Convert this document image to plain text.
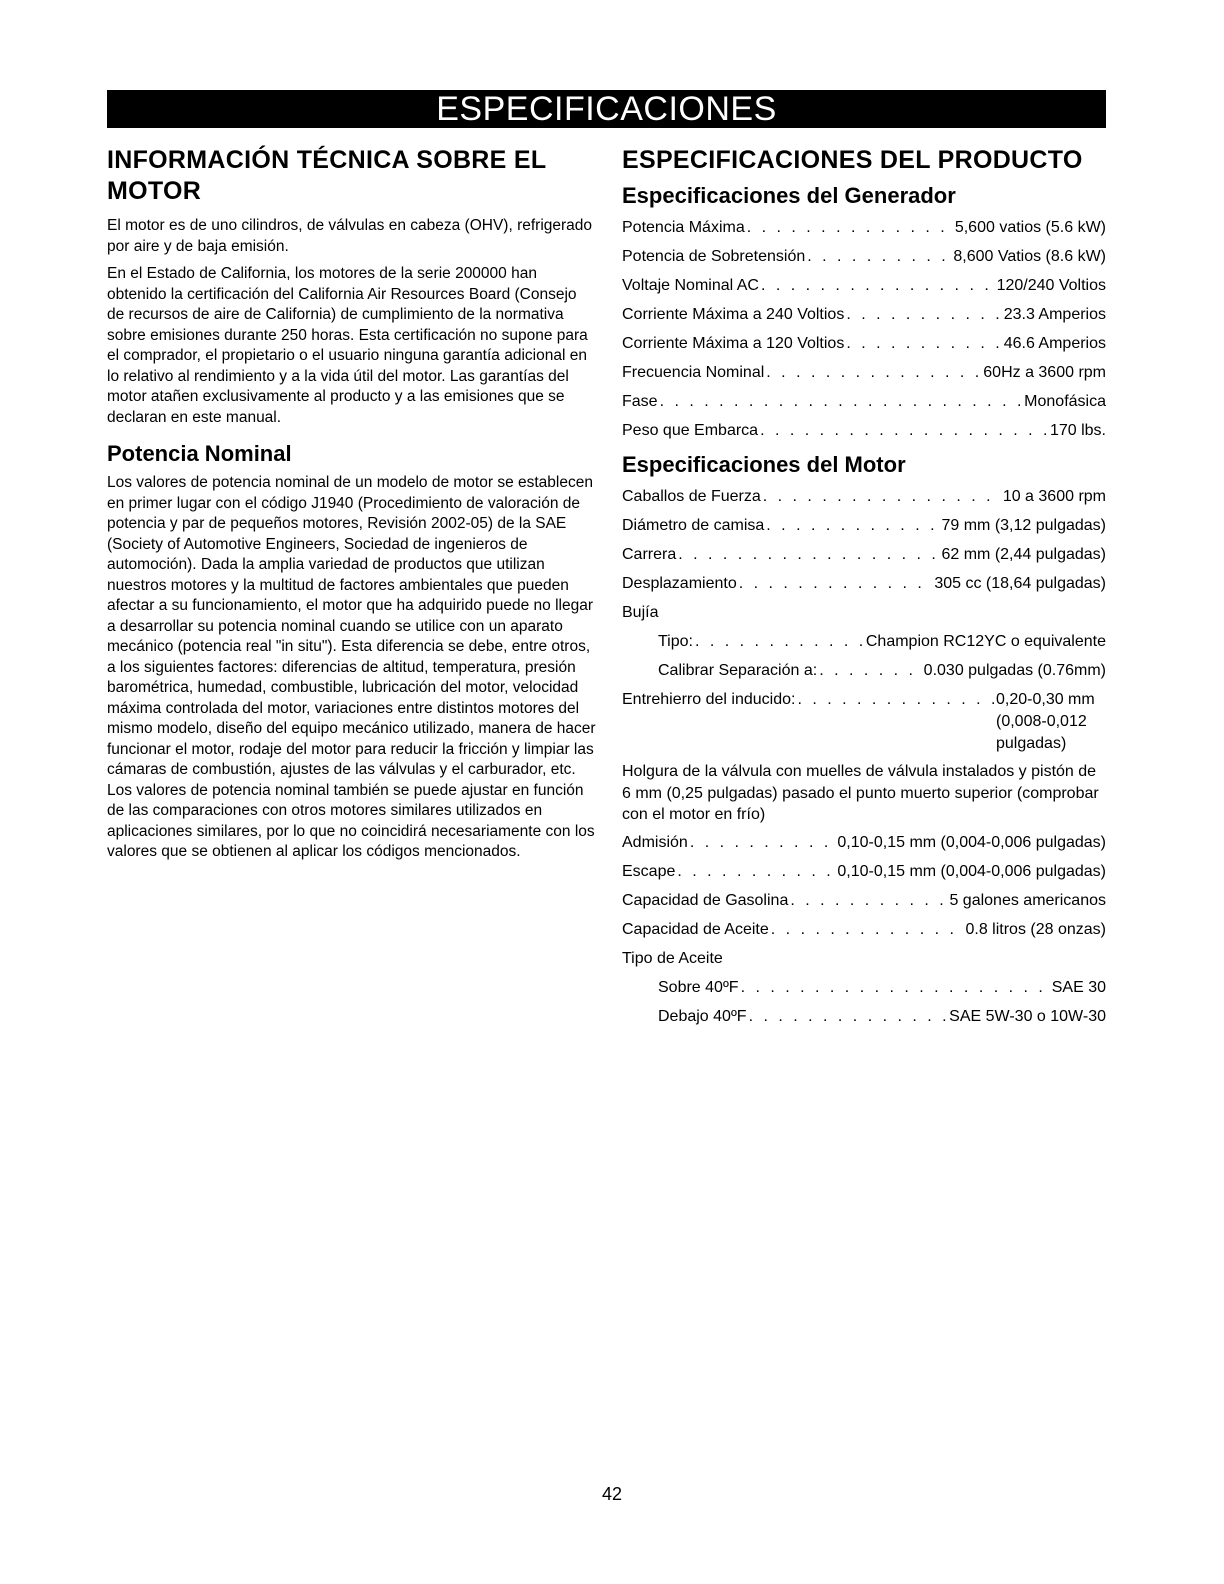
ESPECIFICACIONES
INFORMACIÓN TÉCNICA SOBRE EL MOTOR

El motor es de uno cilindros, de válvulas en cabeza (OHV), refrigerado por aire y de baja emisión.

En el Estado de California, los motores de la serie 200000 han obtenido la certificación del California Air Resources Board (Consejo de recursos de aire de California) de cumplimiento de la normativa sobre emisiones durante 250 horas. Esta certificación no supone para el comprador, el propietario o el usuario ninguna garantía adicional en lo relativo al rendimiento y a la vida útil del motor. Las garantías del motor atañen exclusivamente al producto y a las emisiones que se declaran en este manual.

Potencia Nominal

Los valores de potencia nominal de un modelo de motor se establecen en primer lugar con el código J1940 (Procedimiento de valoración de potencia y par de pequeños motores, Revisión 2002-05) de la SAE (Society of Automotive Engineers, Sociedad de ingenieros de automoción). Dada la amplia variedad de productos que utilizan nuestros motores y la multitud de factores ambientales que pueden afectar a su funcionamiento, el motor que ha adquirido puede no llegar a desarrollar su potencia nominal cuando se utilice con un aparato mecánico (potencia real "in situ"). Esta diferencia se debe, entre otros, a los siguientes factores: diferencias de altitud, temperatura, presión barométrica, humedad, combustible, lubricación del motor, velocidad máxima controlada del motor, variaciones entre distintos motores del mismo modelo, diseño del equipo mecánico utilizado, manera de hacer funcionar el motor, rodaje del motor para reducir la fricción y limpiar las cámaras de combustión, ajustes de las válvulas y el carburador, etc. Los valores de potencia nominal también se puede ajustar en función de las comparaciones con otros motores similares utilizados en aplicaciones similares, por lo que no coincidirá necesariamente con los valores que se obtienen al aplicar los códigos mencionados.

ESPECIFICACIONES DEL PRODUCTO
Especificaciones del Generador
Potencia Máxima . . .	5,600 vatios (5.6 kW)
Potencia de Sobretensión . . .	8,600 Vatios (8.6 kW)
Voltaje Nominal AC . . .	120/240 Voltios
Corriente Máxima a 240 Voltios . . .	23.3 Amperios
Corriente Máxima a 120 Voltios . . .	46.6 Amperios
Frecuencia Nominal . . .	60Hz a 3600 rpm
Fase . . .	Monofásica
Peso que Embarca . . .	170 lbs.
Especificaciones del Motor
Caballos de Fuerza . . .	10 a 3600 rpm
Diámetro de camisa . . .	79 mm (3,12 pulgadas)
Carrera . . .	62 mm (2,44 pulgadas)
Desplazamiento . . .	305 cc (18,64 pulgadas)
Bujía
Tipo: . . .	Champion RC12YC o equivalente
Calibrar Separación a: . . .	0.030 pulgadas (0.76mm)
Entrehierro del inducido: . . .	0,20-0,30 mm (0,008-0,012 pulgadas)
Holgura de la válvula con muelles de válvula instalados y pistón de 6 mm (0,25 pulgadas) pasado el punto muerto superior (comprobar con el motor en frío)
Admisión . . .	0,10-0,15 mm (0,004-0,006 pulgadas)
Escape . . .	0,10-0,15 mm (0,004-0,006 pulgadas)
Capacidad de Gasolina . . .	5 galones americanos
Capacidad de Aceite . . .	0.8 litros (28 onzas)
Tipo de Aceite
Sobre 40ºF . . .	SAE 30
Debajo 40ºF . . .	SAE 5W-30 o 10W-30
42
